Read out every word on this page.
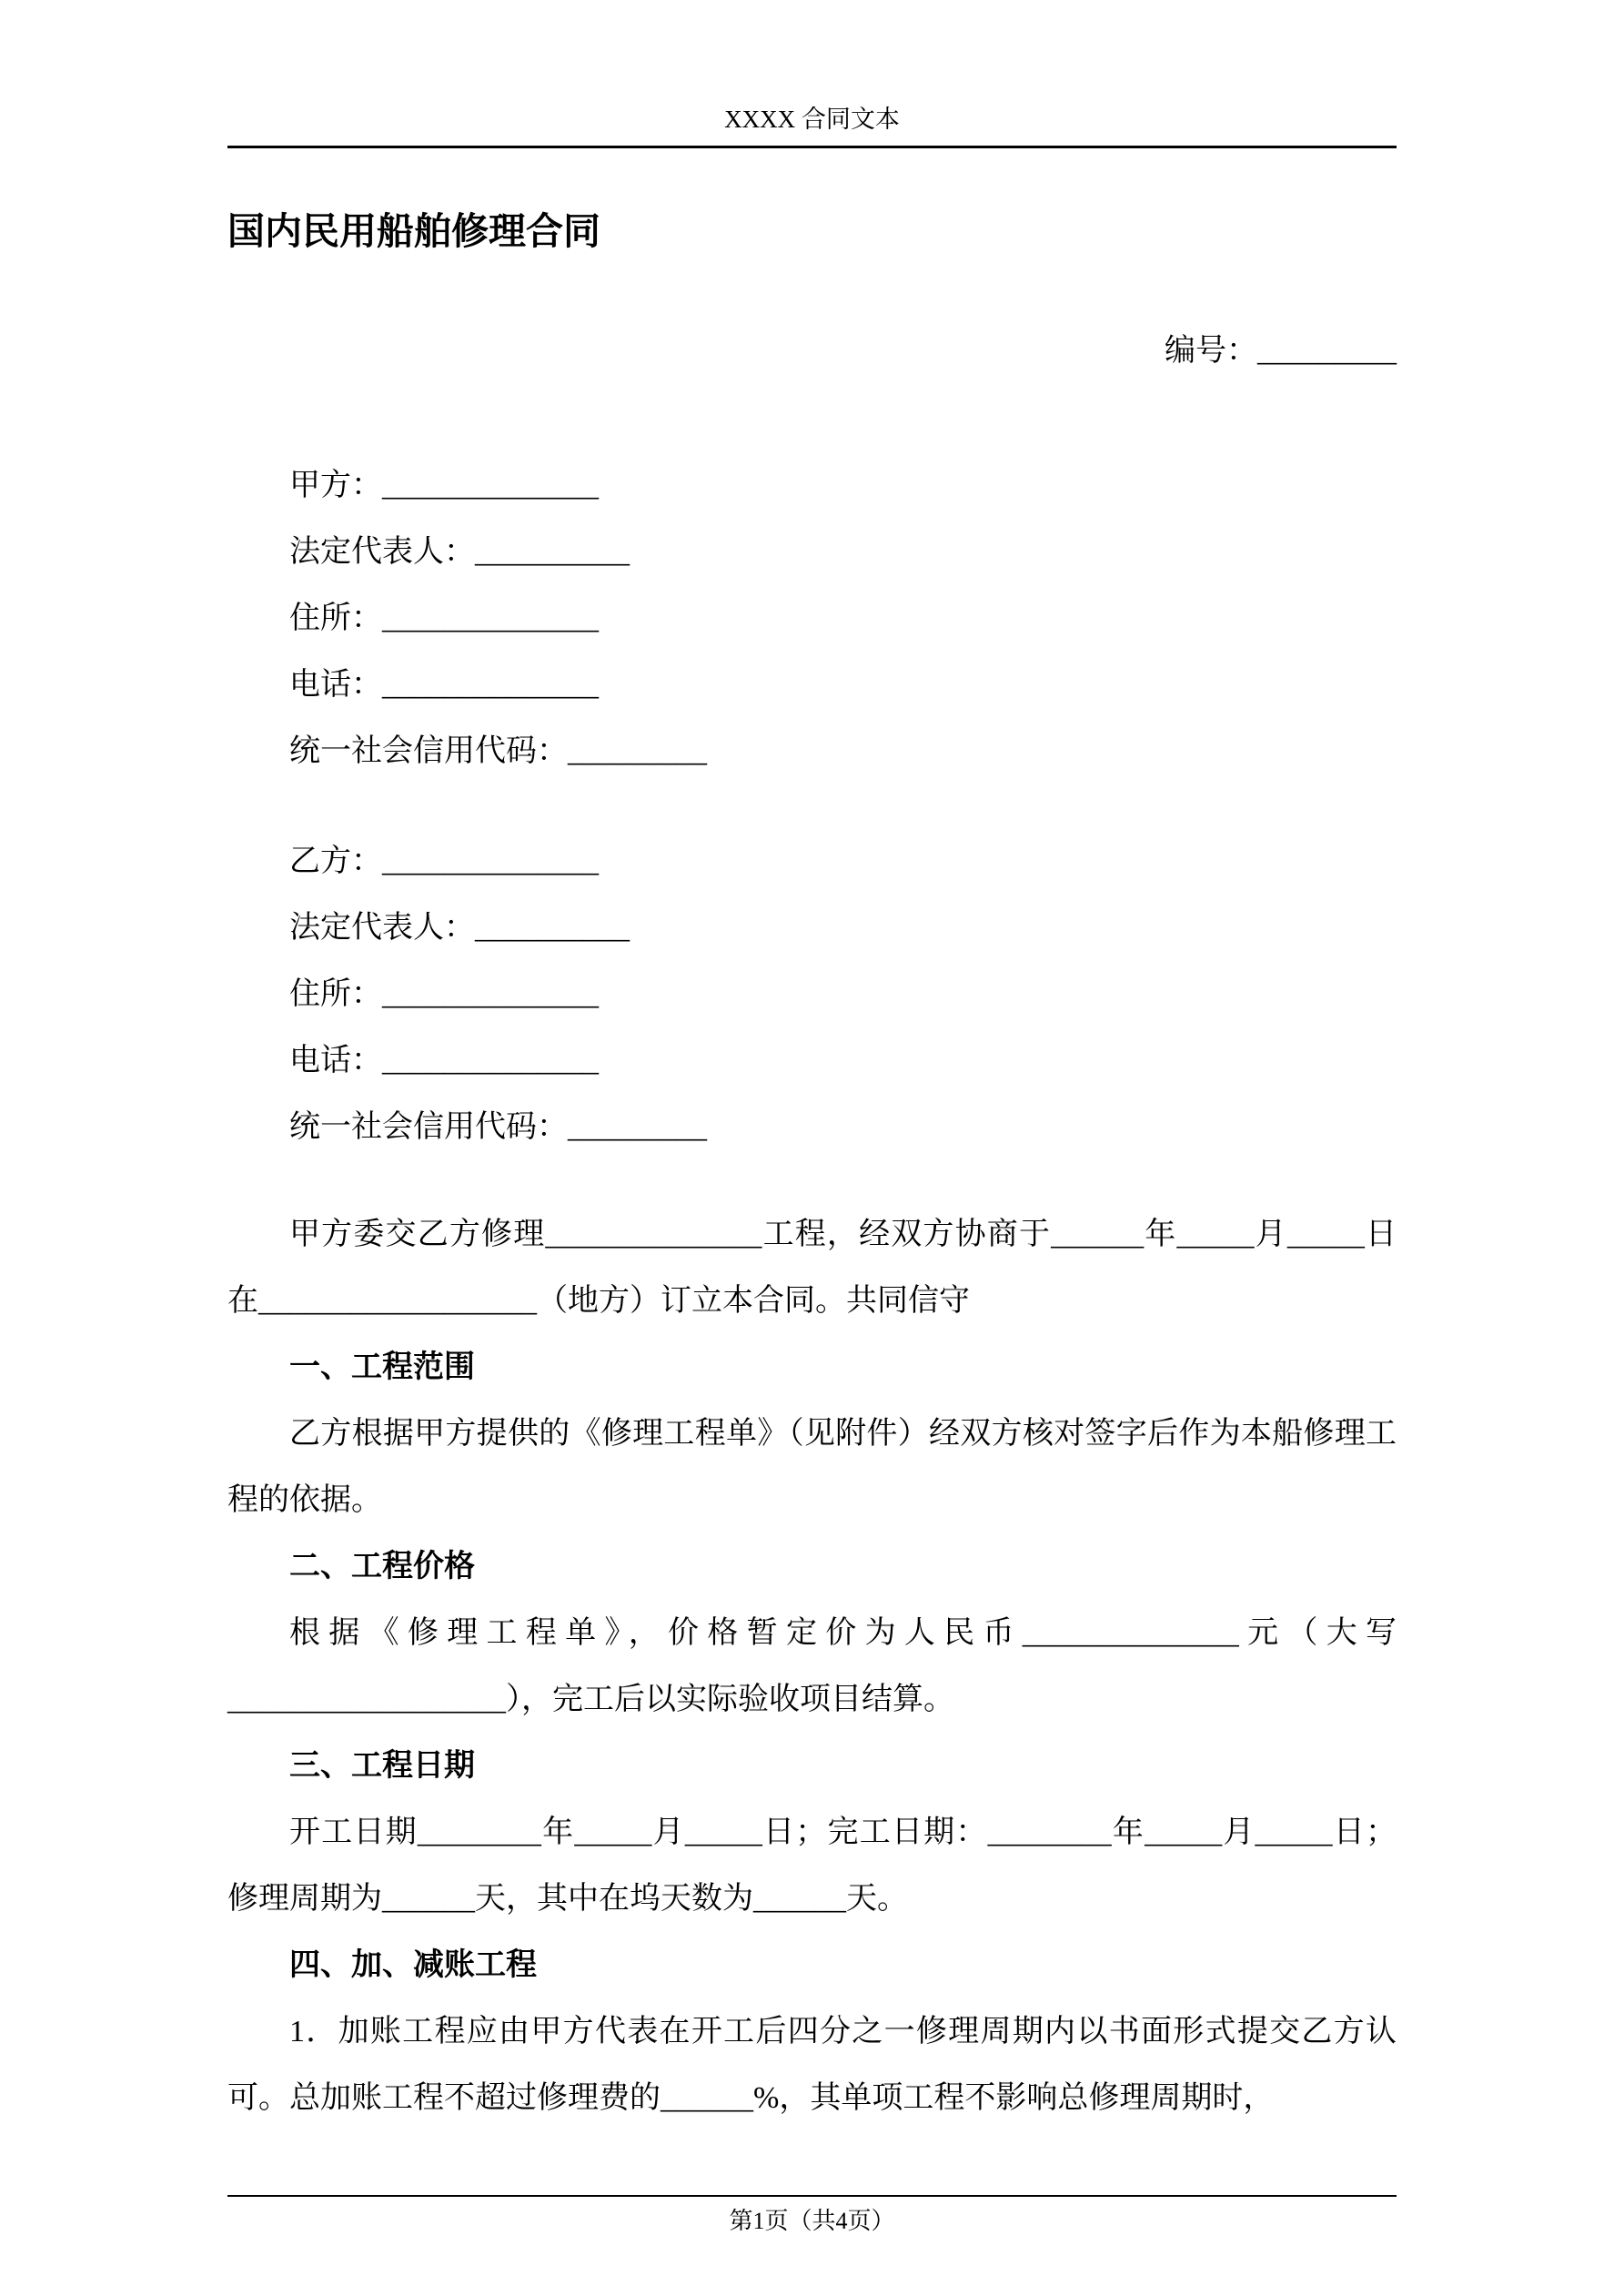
XXXX 合同文本
国内民用船舶修理合同
编号：_________
甲方：______________
法定代表人：__________
住所：______________
电话：______________
统一社会信用代码：_________
乙方：______________
法定代表人：__________
住所：______________
电话：______________
统一社会信用代码：_________

甲方委交乙方修理______________工程，经双方协商于______年_____月_____日在__________________（地方）订立本合同。共同信守

一、工程范围

乙方根据甲方提供的《修理工程单》（见附件）经双方核对签字后作为本船修理工程的依据。

二、工程价格

根据《修理工程单》，价格暂定价为人民币______________元（大写__________________），完工后以实际验收项目结算。

三、工程日期

开工日期________年_____月_____日；完工日期：________年_____月_____日；修理周期为______天，其中在坞天数为______天。

四、加、减账工程

1．加账工程应由甲方代表在开工后四分之一修理周期内以书面形式提交乙方认可。总加账工程不超过修理费的______%，其单项工程不影响总修理周期时，

第1页（共4页）
